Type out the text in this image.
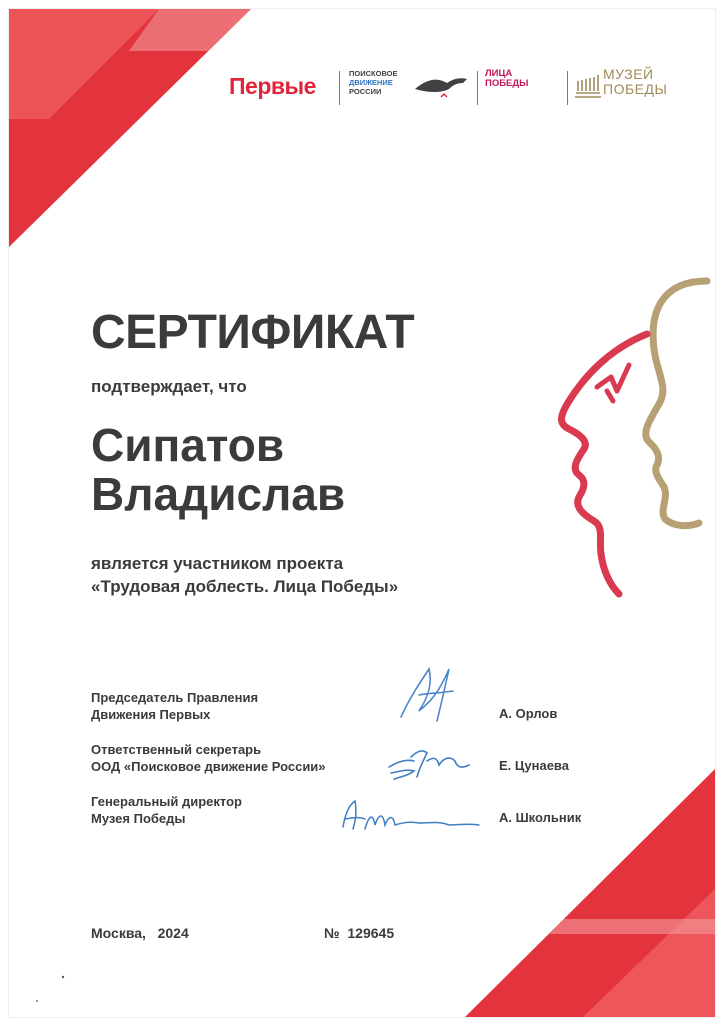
Первые	ПОИСКОВОЕ
ДВИЖЕНИЕ
РОССИИ
ЛИЦА
ПОБЕДЫ
МУЗЕЙ
ПОБЕДЫ
СЕРТИФИКАТ
подтверждает, что
Сипатов
Владислав
является участником проекта
«Трудовая доблесть. Лица Победы»
Председатель Правления
Движения Первых	А. Орлов
Ответственный секретарь
ООД «Поисковое движение России»	Е. Цунаева
Генеральный директор
Музея Победы	А. Школьник
Москва,   2024	№  129645
